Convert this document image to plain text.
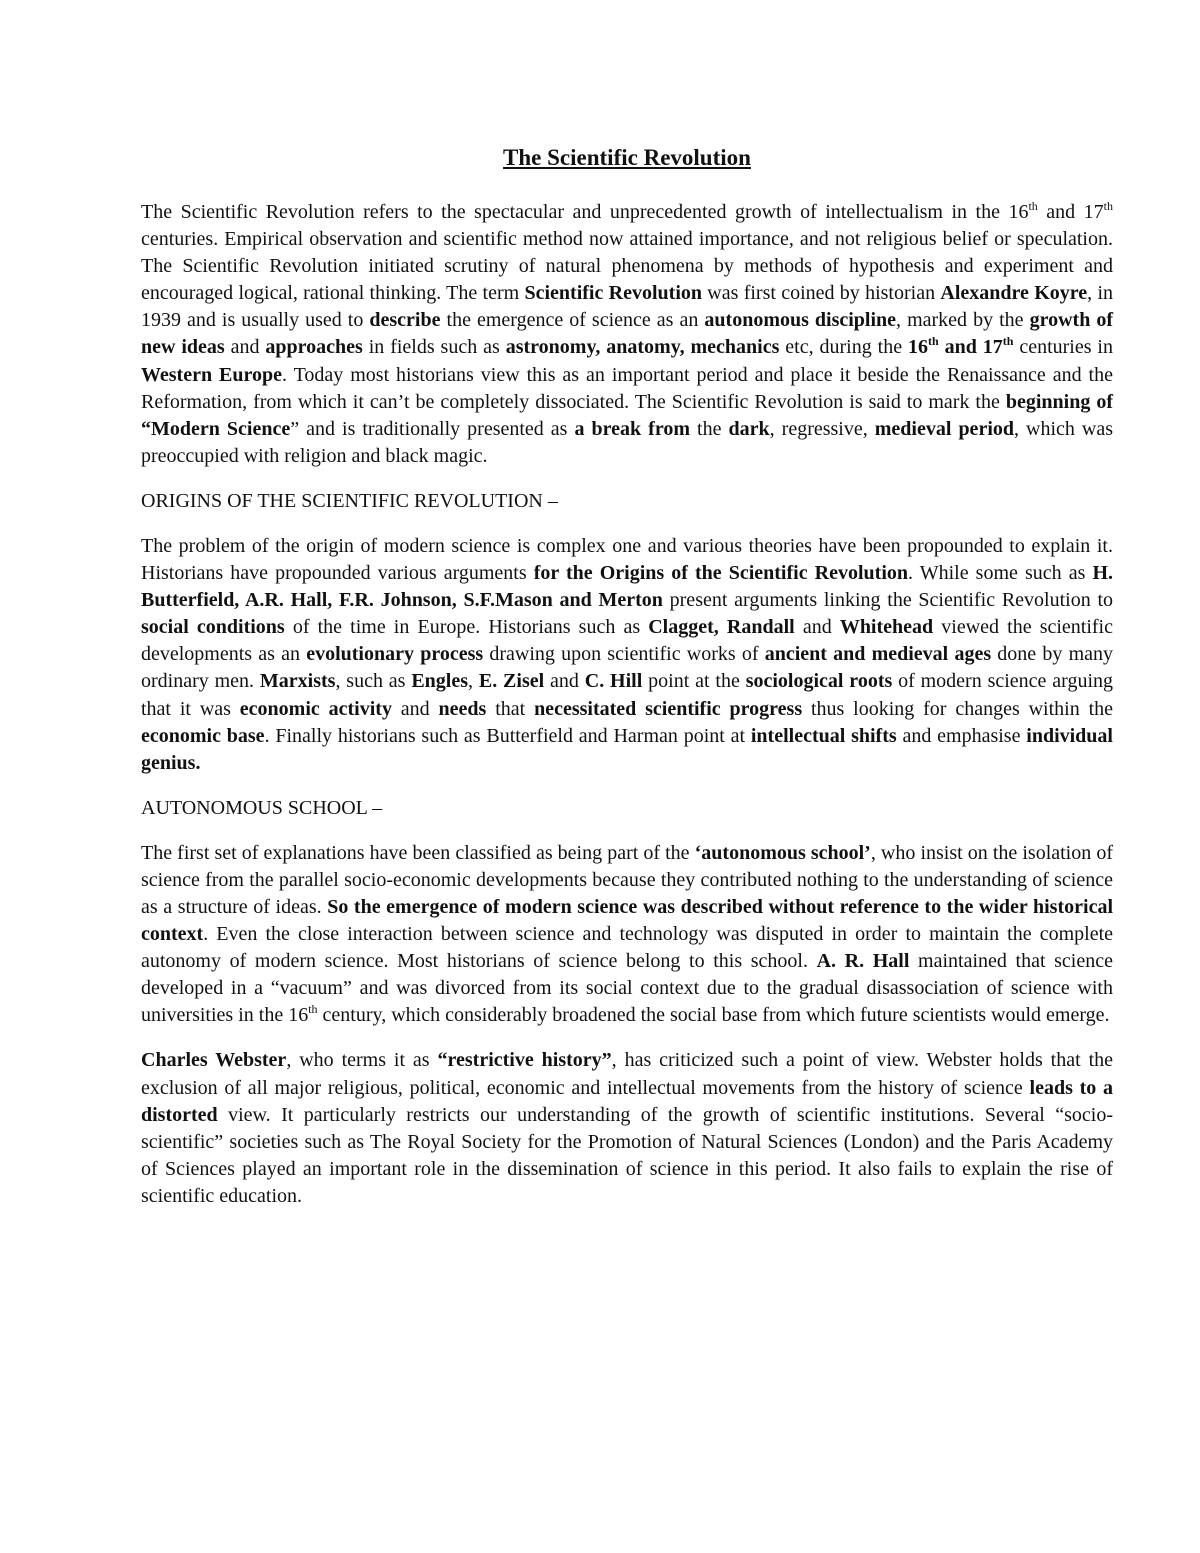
The Scientific Revolution

The Scientific Revolution refers to the spectacular and unprecedented growth of intellectualism in the 16th and 17th centuries. Empirical observation and scientific method now attained importance, and not religious belief or speculation. The Scientific Revolution initiated scrutiny of natural phenomena by methods of hypothesis and experiment and encouraged logical, rational thinking. The term Scientific Revolution was first coined by historian Alexandre Koyre, in 1939 and is usually used to describe the emergence of science as an autonomous discipline, marked by the growth of new ideas and approaches in fields such as astronomy, anatomy, mechanics etc, during the 16th and 17th centuries in Western Europe. Today most historians view this as an important period and place it beside the Renaissance and the Reformation, from which it can’t be completely dissociated. The Scientific Revolution is said to mark the beginning of “Modern Science” and is traditionally presented as a break from the dark, regressive, medieval period, which was preoccupied with religion and black magic.

ORIGINS OF THE SCIENTIFIC REVOLUTION –

The problem of the origin of modern science is complex one and various theories have been propounded to explain it. Historians have propounded various arguments for the Origins of the Scientific Revolution. While some such as H. Butterfield, A.R. Hall, F.R. Johnson, S.F.Mason and Merton present arguments linking the Scientific Revolution to social conditions of the time in Europe. Historians such as Clagget, Randall and Whitehead viewed the scientific developments as an evolutionary process drawing upon scientific works of ancient and medieval ages done by many ordinary men. Marxists, such as Engles, E. Zisel and C. Hill point at the sociological roots of modern science arguing that it was economic activity and needs that necessitated scientific progress thus looking for changes within the economic base. Finally historians such as Butterfield and Harman point at intellectual shifts and emphasise individual genius.

AUTONOMOUS SCHOOL –

The first set of explanations have been classified as being part of the ‘autonomous school’, who insist on the isolation of science from the parallel socio-economic developments because they contributed nothing to the understanding of science as a structure of ideas. So the emergence of modern science was described without reference to the wider historical context. Even the close interaction between science and technology was disputed in order to maintain the complete autonomy of modern science. Most historians of science belong to this school. A. R. Hall maintained that science developed in a “vacuum” and was divorced from its social context due to the gradual disassociation of science with universities in the 16th century, which considerably broadened the social base from which future scientists would emerge.

Charles Webster, who terms it as “restrictive history”, has criticized such a point of view. Webster holds that the exclusion of all major religious, political, economic and intellectual movements from the history of science leads to a distorted view. It particularly restricts our understanding of the growth of scientific institutions. Several “socio-scientific” societies such as The Royal Society for the Promotion of Natural Sciences (London) and the Paris Academy of Sciences played an important role in the dissemination of science in this period. It also fails to explain the rise of scientific education.
